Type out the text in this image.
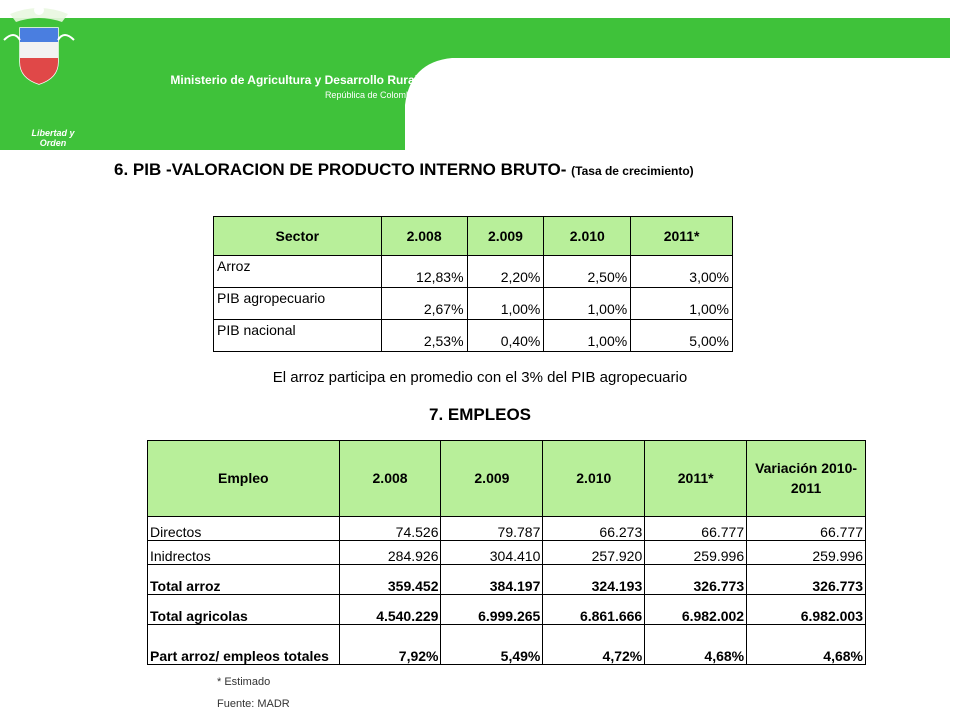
Libertad y Orden
Ministerio de Agricultura y Desarrollo Rural
República de Colombia
6. PIB -VALORACION DE PRODUCTO INTERNO BRUTO- (Tasa de crecimiento)
Sector	2.008	2.009	2.010	2011*
Arroz	12,83%	2,20%	2,50%	3,00%
PIB agropecuario	2,67%	1,00%	1,00%	1,00%
PIB nacional	2,53%	0,40%	1,00%	5,00%
El arroz participa en promedio con el 3% del PIB agropecuario
7. EMPLEOS
Empleo	2.008	2.009	2.010	2011*	Variación 2010-2011
Directos	74.526	79.787	66.273	66.777	66.777
Inidrectos	284.926	304.410	257.920	259.996	259.996
Total arroz	359.452	384.197	324.193	326.773	326.773
Total agricolas	4.540.229	6.999.265	6.861.666	6.982.002	6.982.003
Part arroz/ empleos totales	7,92%	5,49%	4,72%	4,68%	4,68%
* Estimado
Fuente: MADR
